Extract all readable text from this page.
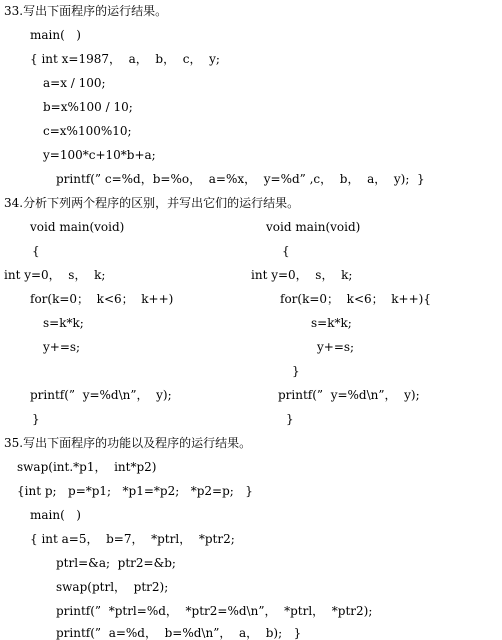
33.写出下面程序的运行结果。
main(   )
{ int x=1987，  a，  b，  c，  y;
a=x / 100;
b=x%100 / 10;
c=x%100%10;
y=100*c+10*b+a;
printf(” c=%d，b=%o，  a=%x，  y=%d” ,c，  b，  a，  y);  }
34.分析下列两个程序的区别，并写出它们的运行结果。
void main(void)
{
int y=0，  s，  k;
for(k=0；  k<6；  k++)
s=k*k;
y+=s;
printf(”  y=%d\n”，  y);
}
void main(void)
{
int y=0，  s，  k;
for(k=0；  k<6；  k++){
s=k*k;
y+=s;
}
printf(”  y=%d\n”，  y);
}
35.写出下面程序的功能以及程序的运行结果。
swap(int.*p1，  int*p2)
{int p;   p=*p1;   *p1=*p2;   *p2=p;   }
main(   )
{ int a=5，  b=7，  *ptrl，  *ptr2;
ptrl=&a;  ptr2=&b;
swap(ptrl，  ptr2);
printf(”  *ptrl=%d，  *ptr2=%d\n”，  *ptrl，  *ptr2);
printf(”  a=%d，  b=%d\n”，  a，  b);   }
